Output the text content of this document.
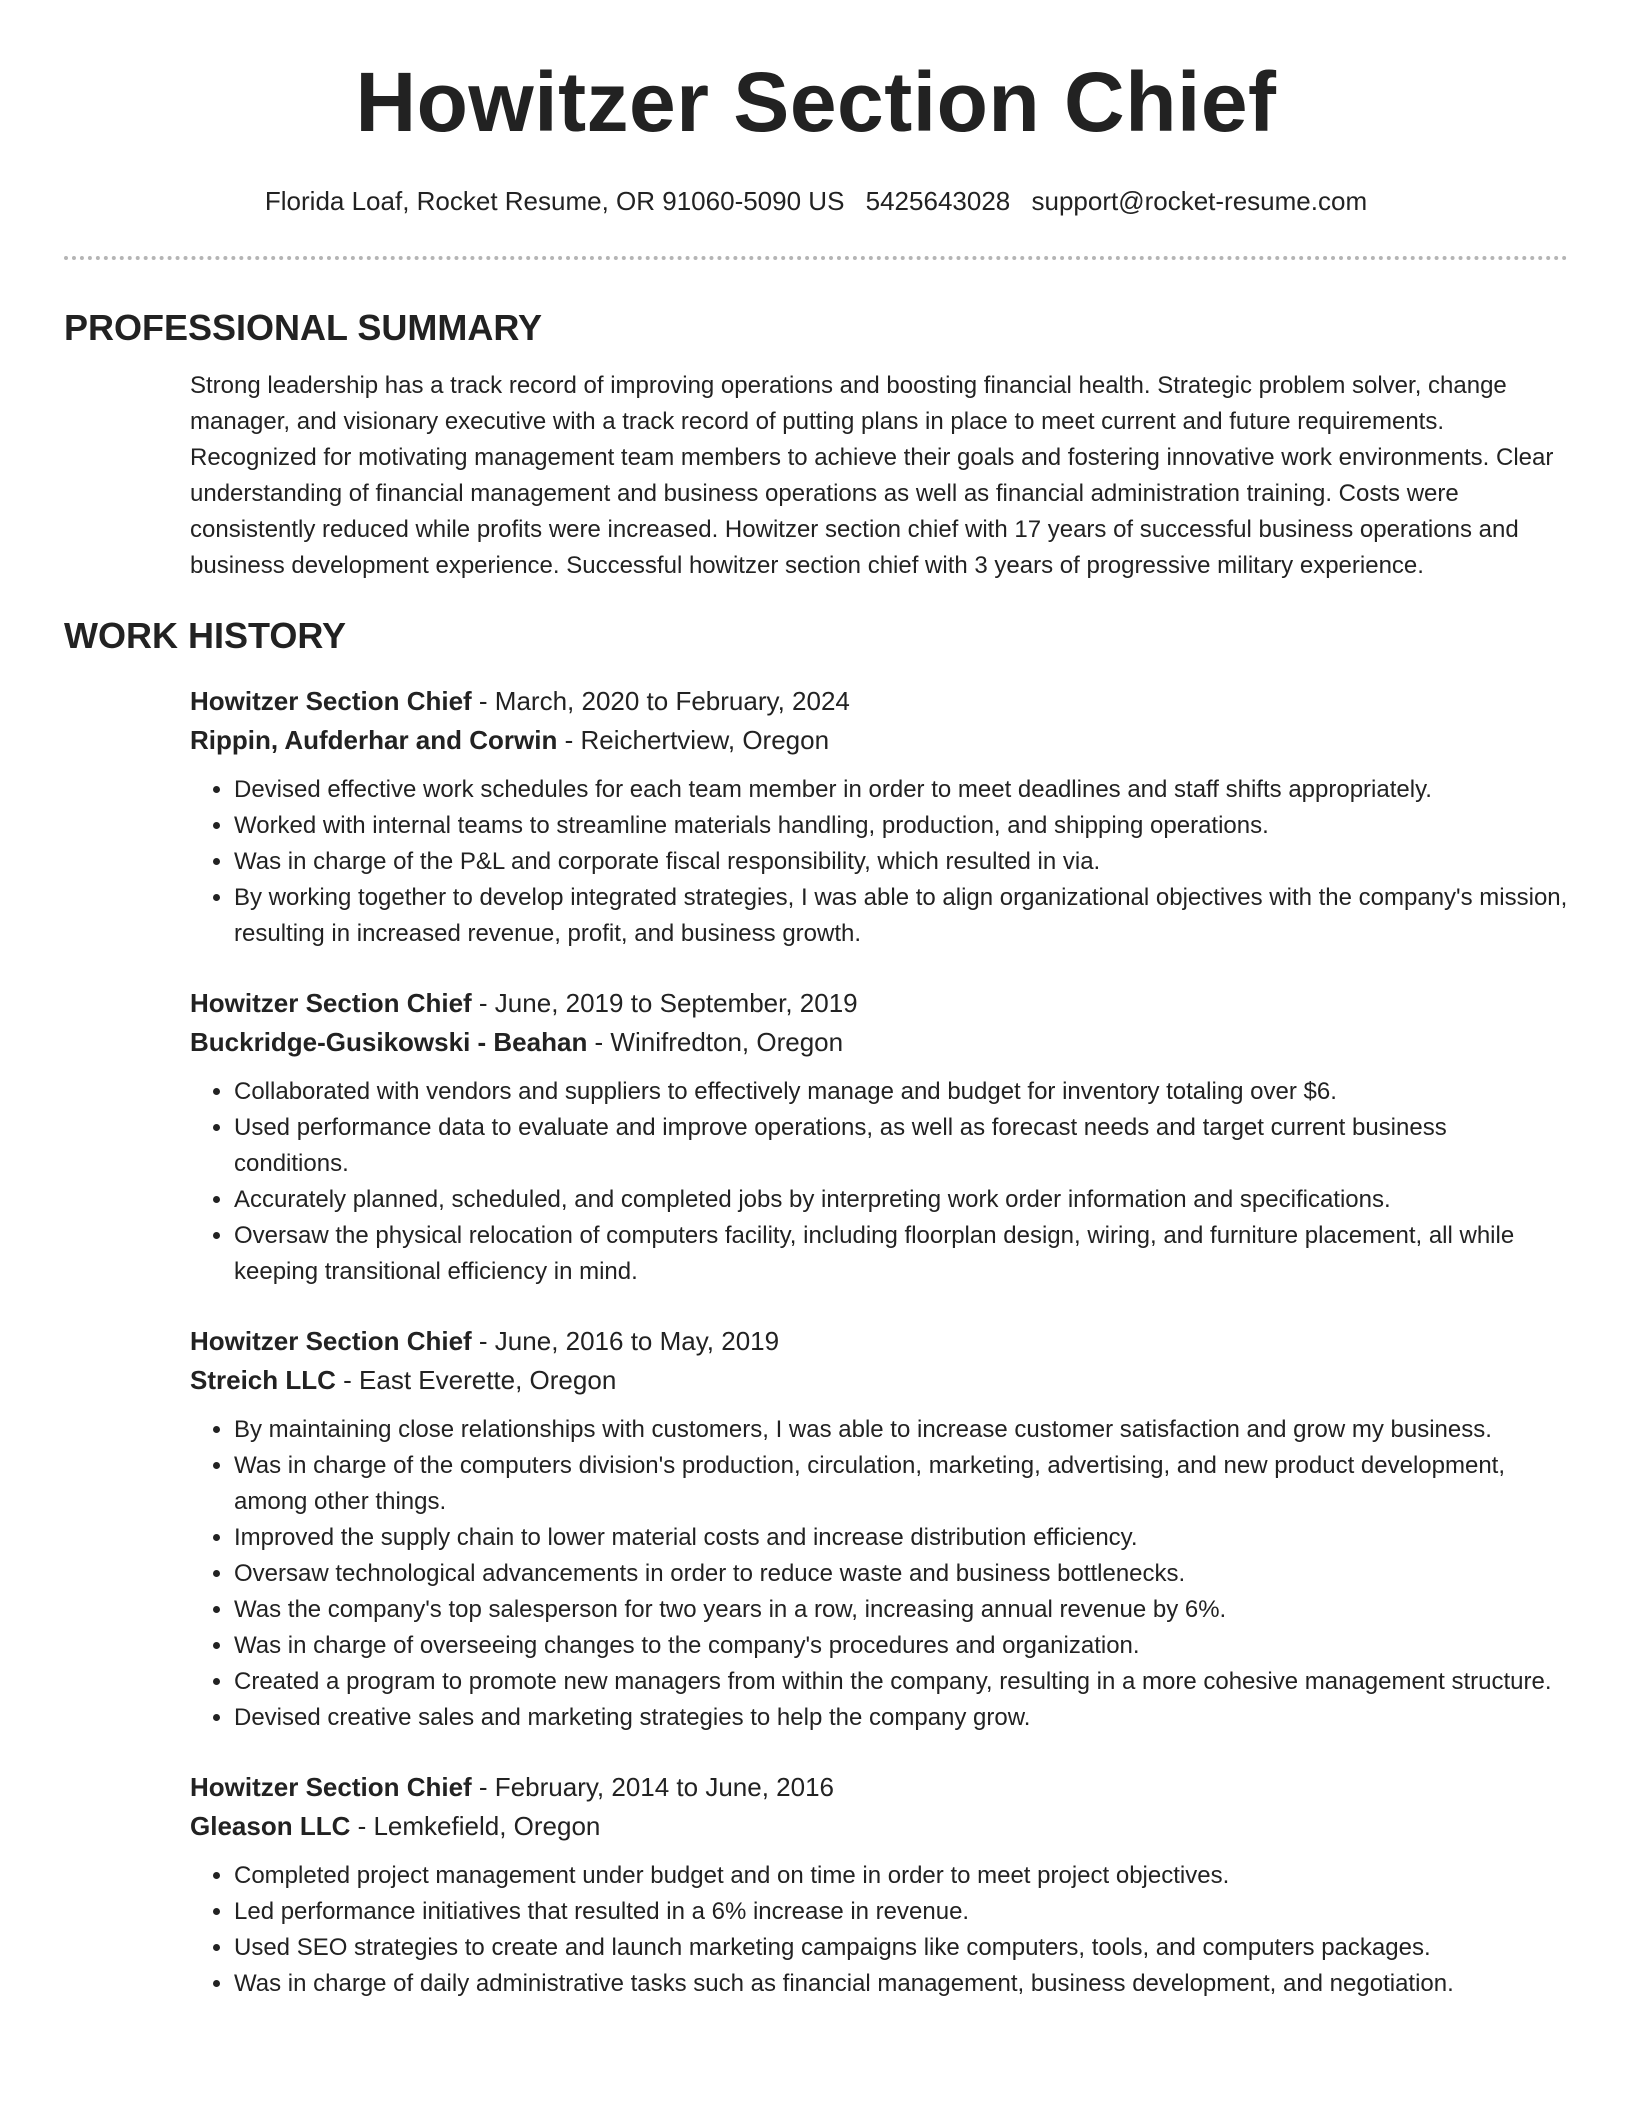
Howitzer Section Chief
Florida Loaf, Rocket Resume, OR 91060-5090 US 5425643028 support@rocket-resume.com
PROFESSIONAL SUMMARY
Strong leadership has a track record of improving operations and boosting financial health. Strategic problem solver, change manager, and visionary executive with a track record of putting plans in place to meet current and future requirements. Recognized for motivating management team members to achieve their goals and fostering innovative work environments. Clear understanding of financial management and business operations as well as financial administration training. Costs were consistently reduced while profits were increased. Howitzer section chief with 17 years of successful business operations and business development experience. Successful howitzer section chief with 3 years of progressive military experience.
WORK HISTORY
Howitzer Section Chief - March, 2020 to February, 2024
Rippin, Aufderhar and Corwin - Reichertview, Oregon
• Devised effective work schedules for each team member in order to meet deadlines and staff shifts appropriately.
• Worked with internal teams to streamline materials handling, production, and shipping operations.
• Was in charge of the P&L and corporate fiscal responsibility, which resulted in via.
• By working together to develop integrated strategies, I was able to align organizational objectives with the company's mission, resulting in increased revenue, profit, and business growth.
Howitzer Section Chief - June, 2019 to September, 2019
Buckridge-Gusikowski - Beahan - Winifredton, Oregon
• Collaborated with vendors and suppliers to effectively manage and budget for inventory totaling over $6.
• Used performance data to evaluate and improve operations, as well as forecast needs and target current business conditions.
• Accurately planned, scheduled, and completed jobs by interpreting work order information and specifications.
• Oversaw the physical relocation of computers facility, including floorplan design, wiring, and furniture placement, all while keeping transitional efficiency in mind.
Howitzer Section Chief - June, 2016 to May, 2019
Streich LLC - East Everette, Oregon
• By maintaining close relationships with customers, I was able to increase customer satisfaction and grow my business.
• Was in charge of the computers division's production, circulation, marketing, advertising, and new product development, among other things.
• Improved the supply chain to lower material costs and increase distribution efficiency.
• Oversaw technological advancements in order to reduce waste and business bottlenecks.
• Was the company's top salesperson for two years in a row, increasing annual revenue by 6%.
• Was in charge of overseeing changes to the company's procedures and organization.
• Created a program to promote new managers from within the company, resulting in a more cohesive management structure.
• Devised creative sales and marketing strategies to help the company grow.
Howitzer Section Chief - February, 2014 to June, 2016
Gleason LLC - Lemkefield, Oregon
• Completed project management under budget and on time in order to meet project objectives.
• Led performance initiatives that resulted in a 6% increase in revenue.
• Used SEO strategies to create and launch marketing campaigns like computers, tools, and computers packages.
• Was in charge of daily administrative tasks such as financial management, business development, and negotiation.
